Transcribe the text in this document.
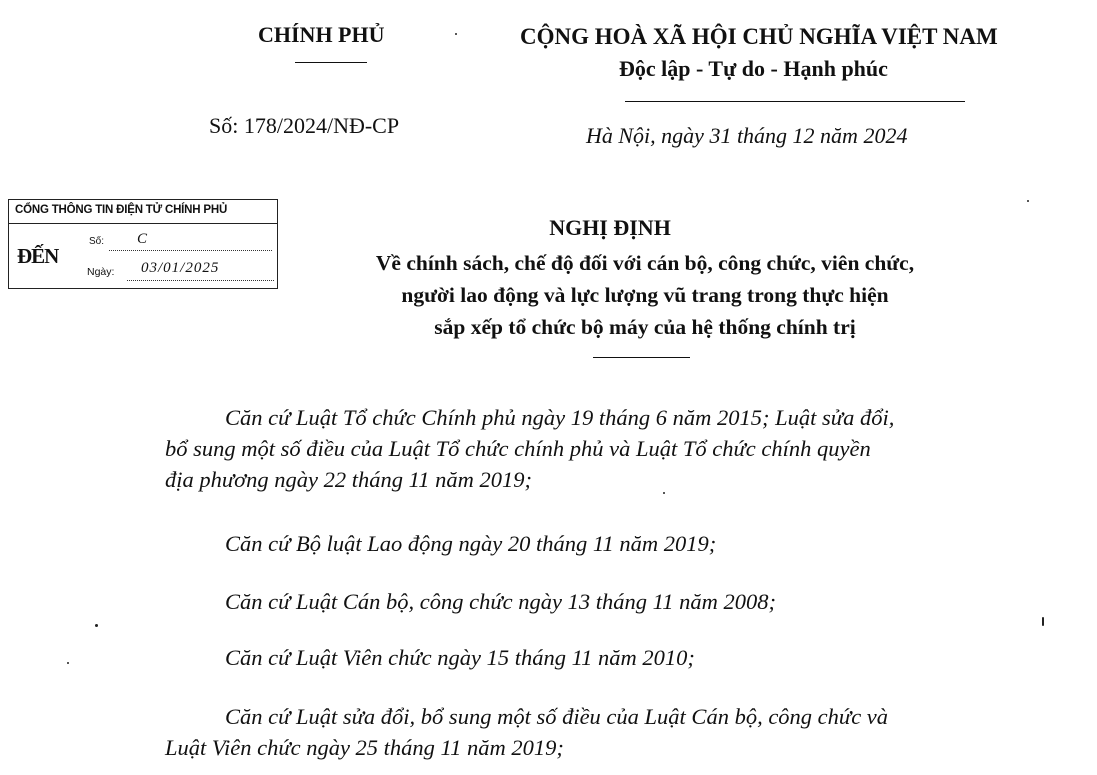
CHÍNH PHỦ	CỘNG HOÀ XÃ HỘI CHỦ NGHĨA VIỆT NAM
Độc lập - Tự do - Hạnh phúc
Số: 178/2024/NĐ-CP	Hà Nội, ngày 31 tháng 12 năm 2024
CỔNG THÔNG TIN ĐIỆN TỬ CHÍNH PHỦ
ĐẾN
Số: C
Ngày: 03/01/2025
NGHỊ ĐỊNH
Về chính sách, chế độ đối với cán bộ, công chức, viên chức,
người lao động và lực lượng vũ trang trong thực hiện
sắp xếp tổ chức bộ máy của hệ thống chính trị
Căn cứ Luật Tổ chức Chính phủ ngày 19 tháng 6 năm 2015; Luật sửa đổi,
bổ sung một số điều của Luật Tổ chức chính phủ và Luật Tổ chức chính quyền
địa phương ngày 22 tháng 11 năm 2019;
Căn cứ Bộ luật Lao động ngày 20 tháng 11 năm 2019;
Căn cứ Luật Cán bộ, công chức ngày 13 tháng 11 năm 2008;
Căn cứ Luật Viên chức ngày 15 tháng 11 năm 2010;
Căn cứ Luật sửa đổi, bổ sung một số điều của Luật Cán bộ, công chức và
Luật Viên chức ngày 25 tháng 11 năm 2019;
